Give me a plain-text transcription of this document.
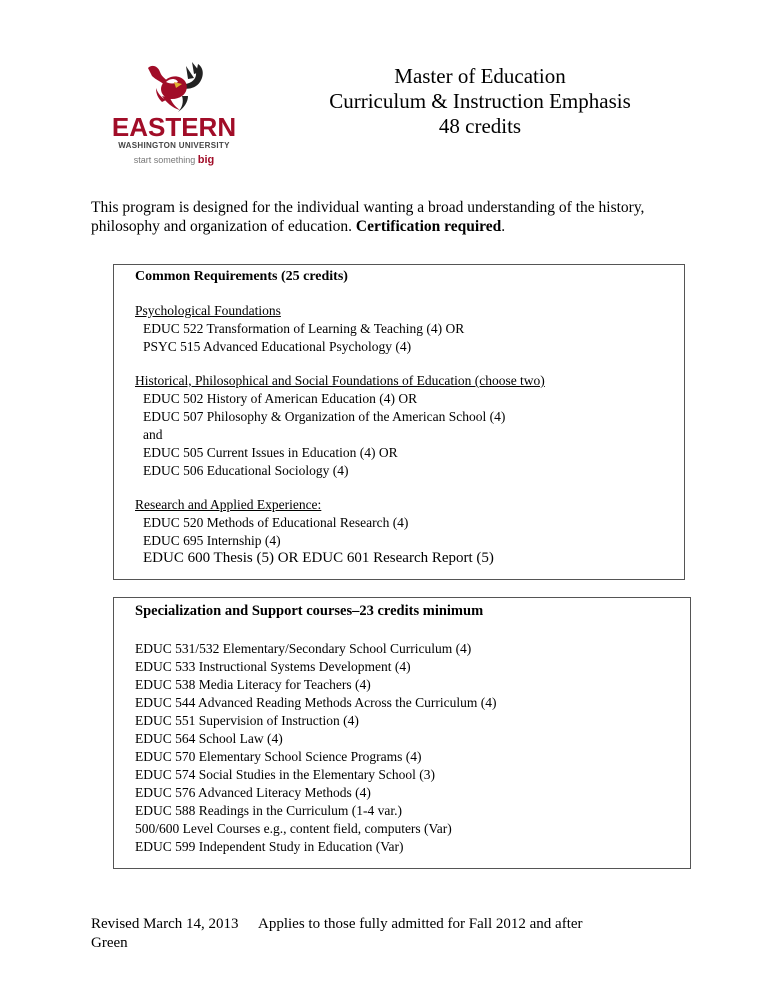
EASTERN
WASHINGTON UNIVERSITY
start something big
Master of Education
Curriculum & Instruction Emphasis
48 credits
This program is designed for the individual wanting a broad understanding of the history, philosophy and organization of education. Certification required.
Common Requirements (25 credits)
Psychological Foundations
EDUC 522 Transformation of Learning & Teaching (4) OR
PSYC 515 Advanced Educational Psychology (4)
Historical, Philosophical and Social Foundations of Education (choose two)
EDUC 502 History of American Education (4) OR
EDUC 507 Philosophy & Organization of the American School (4)
and
EDUC 505 Current Issues in Education (4) OR
EDUC 506 Educational Sociology (4)
Research and Applied Experience:
EDUC 520 Methods of Educational Research (4)
EDUC 695 Internship (4)
EDUC 600 Thesis (5) OR EDUC 601 Research Report (5)
Specialization and Support courses–23 credits minimum
EDUC 531/532 Elementary/Secondary School Curriculum (4)
EDUC 533 Instructional Systems Development (4)
EDUC 538 Media Literacy for Teachers (4)
EDUC 544 Advanced Reading Methods Across the Curriculum (4)
EDUC 551 Supervision of Instruction (4)
EDUC 564 School Law (4)
EDUC 570 Elementary School Science Programs (4)
EDUC 574 Social Studies in the Elementary School (3)
EDUC 576 Advanced Literacy Methods (4)
EDUC 588 Readings in the Curriculum (1-4 var.)
500/600 Level Courses e.g., content field, computers (Var)
EDUC 599 Independent Study in Education (Var)
Revised March 14, 2013
Green
Applies to those fully admitted for Fall 2012 and after
